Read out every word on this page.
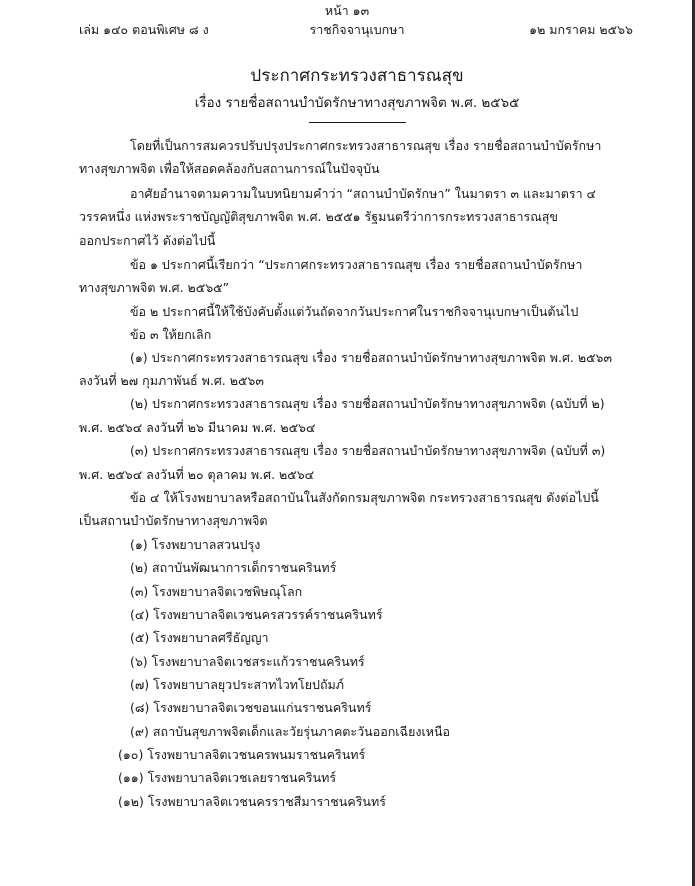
หน้า ๑๓
เล่ม ๑๔๐ ตอนพิเศษ ๘ ง	ราชกิจจานุเบกษา	๑๒ มกราคม ๒๕๖๖
ประกาศกระทรวงสาธารณสุข
เรื่อง รายชื่อสถานบำบัดรักษาทางสุขภาพจิต พ.ศ. ๒๕๖๕
โดยที่เป็นการสมควรปรับปรุงประกาศกระทรวงสาธารณสุข เรื่อง รายชื่อสถานบำบัดรักษา
ทางสุขภาพจิต เพื่อให้สอดคล้องกับสถานการณ์ในปัจจุบัน
อาศัยอำนาจตามความในบทนิยามคำว่า “สถานบำบัดรักษา” ในมาตรา ๓ และมาตรา ๔
วรรคหนึ่ง แห่งพระราชบัญญัติสุขภาพจิต พ.ศ. ๒๕๕๑ รัฐมนตรีว่าการกระทรวงสาธารณสุข
ออกประกาศไว้ ดังต่อไปนี้
ข้อ ๑ ประกาศนี้เรียกว่า “ประกาศกระทรวงสาธารณสุข เรื่อง รายชื่อสถานบำบัดรักษา
ทางสุขภาพจิต พ.ศ. ๒๕๖๕”
ข้อ ๒ ประกาศนี้ให้ใช้บังคับตั้งแต่วันถัดจากวันประกาศในราชกิจจานุเบกษาเป็นต้นไป
ข้อ ๓ ให้ยกเลิก
(๑) ประกาศกระทรวงสาธารณสุข เรื่อง รายชื่อสถานบำบัดรักษาทางสุขภาพจิต พ.ศ. ๒๕๖๓
ลงวันที่ ๒๗ กุมภาพันธ์ พ.ศ. ๒๕๖๓
(๒) ประกาศกระทรวงสาธารณสุข เรื่อง รายชื่อสถานบำบัดรักษาทางสุขภาพจิต (ฉบับที่ ๒)
พ.ศ. ๒๕๖๔ ลงวันที่ ๒๖ มีนาคม พ.ศ. ๒๕๖๔
(๓) ประกาศกระทรวงสาธารณสุข เรื่อง รายชื่อสถานบำบัดรักษาทางสุขภาพจิต (ฉบับที่ ๓)
พ.ศ. ๒๕๖๔ ลงวันที่ ๒๐ ตุลาคม พ.ศ. ๒๕๖๔
ข้อ ๔ ให้โรงพยาบาลหรือสถาบันในสังกัดกรมสุขภาพจิต กระทรวงสาธารณสุข ดังต่อไปนี้
เป็นสถานบำบัดรักษาทางสุขภาพจิต
(๑) โรงพยาบาลสวนปรุง
(๒) สถาบันพัฒนาการเด็กราชนครินทร์
(๓) โรงพยาบาลจิตเวชพิษณุโลก
(๔) โรงพยาบาลจิตเวชนครสวรรค์ราชนครินทร์
(๕) โรงพยาบาลศรีธัญญา
(๖) โรงพยาบาลจิตเวชสระแก้วราชนครินทร์
(๗) โรงพยาบาลยุวประสาทไวทโยปถัมภ์
(๘) โรงพยาบาลจิตเวชขอนแก่นราชนครินทร์
(๙) สถาบันสุขภาพจิตเด็กและวัยรุ่นภาคตะวันออกเฉียงเหนือ
(๑๐) โรงพยาบาลจิตเวชนครพนมราชนครินทร์
(๑๑) โรงพยาบาลจิตเวชเลยราชนครินทร์
(๑๒) โรงพยาบาลจิตเวชนครราชสีมาราชนครินทร์
